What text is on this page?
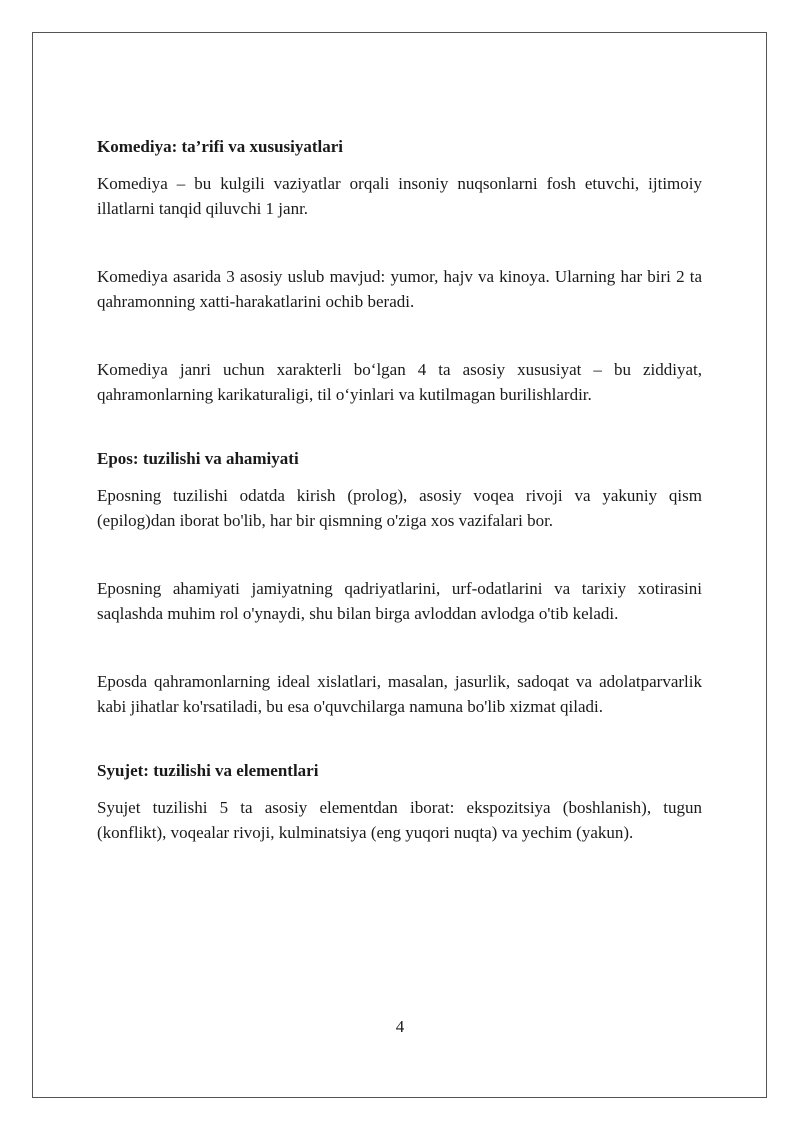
Komediya: ta’rifi va xususiyatlari

Komediya – bu kulgili vaziyatlar orqali insoniy nuqsonlarni fosh etuvchi, ijtimoiy illatlarni tanqid qiluvchi 1 janr.

Komediya asarida 3 asosiy uslub mavjud: yumor, hajv va kinoya. Ularning har biri 2 ta qahramonning xatti-harakatlarini ochib beradi.

Komediya janri uchun xarakterli boʻlgan 4 ta asosiy xususiyat – bu ziddiyat, qahramonlarning karikaturaligi, til oʻyinlari va kutilmagan burilishlardir.

Epos: tuzilishi va ahamiyati

Eposning tuzilishi odatda kirish (prolog), asosiy voqea rivoji va yakuniy qism (epilog)dan iborat bo'lib, har bir qismning o'ziga xos vazifalari bor.

Eposning ahamiyati jamiyatning qadriyatlarini, urf-odatlarini va tarixiy xotirasini saqlashda muhim rol o'ynaydi, shu bilan birga avloddan avlodga o'tib keladi.

Eposda qahramonlarning ideal xislatlari, masalan, jasurlik, sadoqat va adolatparvarlik kabi jihatlar ko'rsatiladi, bu esa o'quvchilarga namuna bo'lib xizmat qiladi.

Syujet: tuzilishi va elementlari

Syujet tuzilishi 5 ta asosiy elementdan iborat: ekspozitsiya (boshlanish), tugun (konflikt), voqealar rivoji, kulminatsiya (eng yuqori nuqta) va yechim (yakun).

4
